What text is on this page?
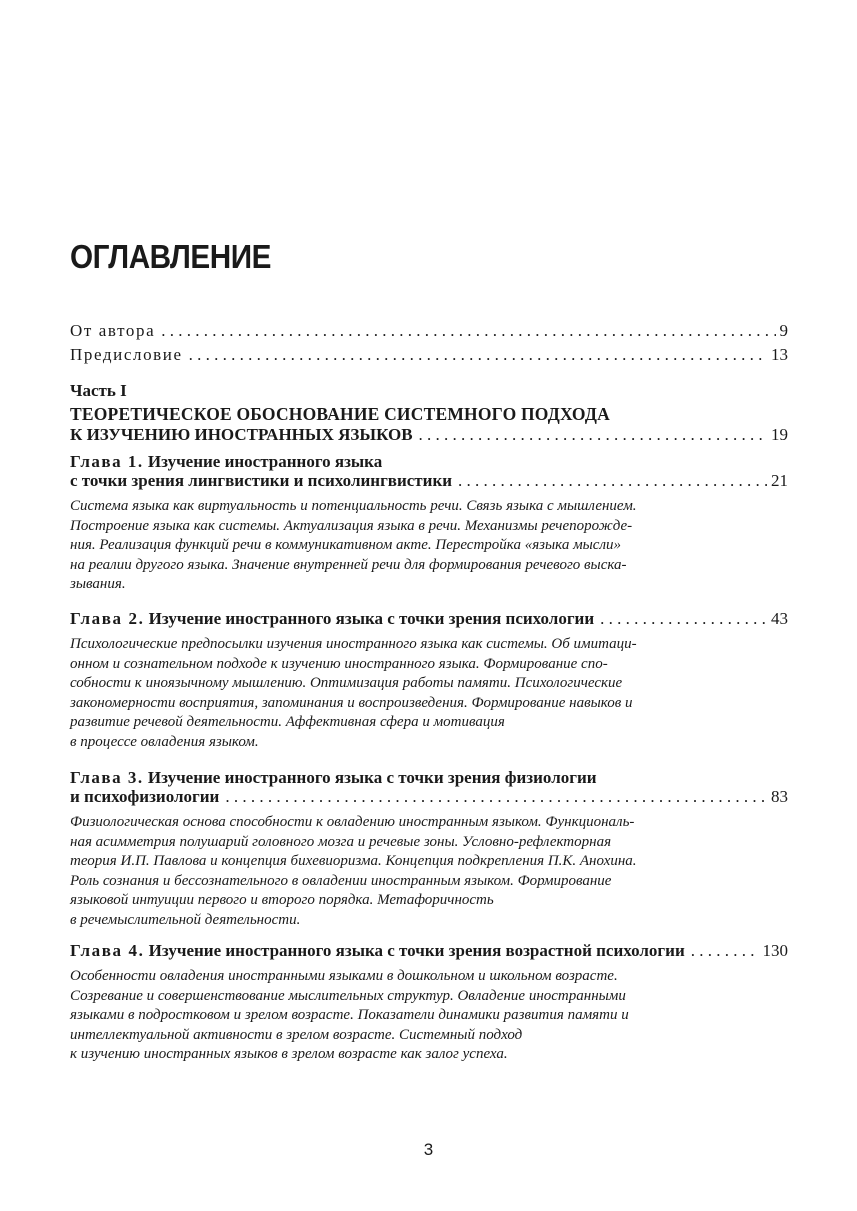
ОГЛАВЛЕНИЕ
От автора . . .	9
Предисловие . . .	13
Часть I
ТЕОРЕТИЧЕСКОЕ ОБОСНОВАНИЕ СИСТЕМНОГО ПОДХОДА
К ИЗУЧЕНИЮ ИНОСТРАННЫХ ЯЗЫКОВ . . .	19
Глава 1. Изучение иностранного языка
с точки зрения лингвистики и психолингвистики . . .	21
Система языка как виртуальность и потенциальность речи. Связь языка с мышлением.
Построение языка как системы. Актуализация языка в речи. Механизмы речепорожде-
ния. Реализация функций речи в коммуникативном акте. Перестройка «языка мысли»
на реалии другого языка. Значение внутренней речи для формирования речевого выска-
зывания.
Глава 2. Изучение иностранного языка с точки зрения психологии . . .	43
Психологические предпосылки изучения иностранного языка как системы. Об имитаци-
онном и сознательном подходе к изучению иностранного языка. Формирование спо-
собности к иноязычному мышлению. Оптимизация работы памяти. Психологические
закономерности восприятия, запоминания и воспроизведения. Формирование навыков и
развитие речевой деятельности. Аффективная сфера и мотивация
в процессе овладения языком.
Глава 3. Изучение иностранного языка с точки зрения физиологии
и психофизиологии . . .	83
Физиологическая основа способности к овладению иностранным языком. Функциональ-
ная асимметрия полушарий головного мозга и речевые зоны. Условно-рефлекторная
теория И.П. Павлова и концепция бихевиоризма. Концепция подкрепления П.К. Анохина.
Роль сознания и бессознательного в овладении иностранным языком. Формирование
языковой интуиции первого и второго порядка. Метафоричность
в речемыслительной деятельности.
Глава 4. Изучение иностранного языка с точки зрения возрастной психологии . . .	130
Особенности овладения иностранными языками в дошкольном и школьном возрасте.
Созревание и совершенствование мыслительных структур. Овладение иностранными
языками в подростковом и зрелом возрасте. Показатели динамики развития памяти и
интеллектуальной активности в зрелом возрасте. Системный подход
к изучению иностранных языков в зрелом возрасте как залог успеха.
3
